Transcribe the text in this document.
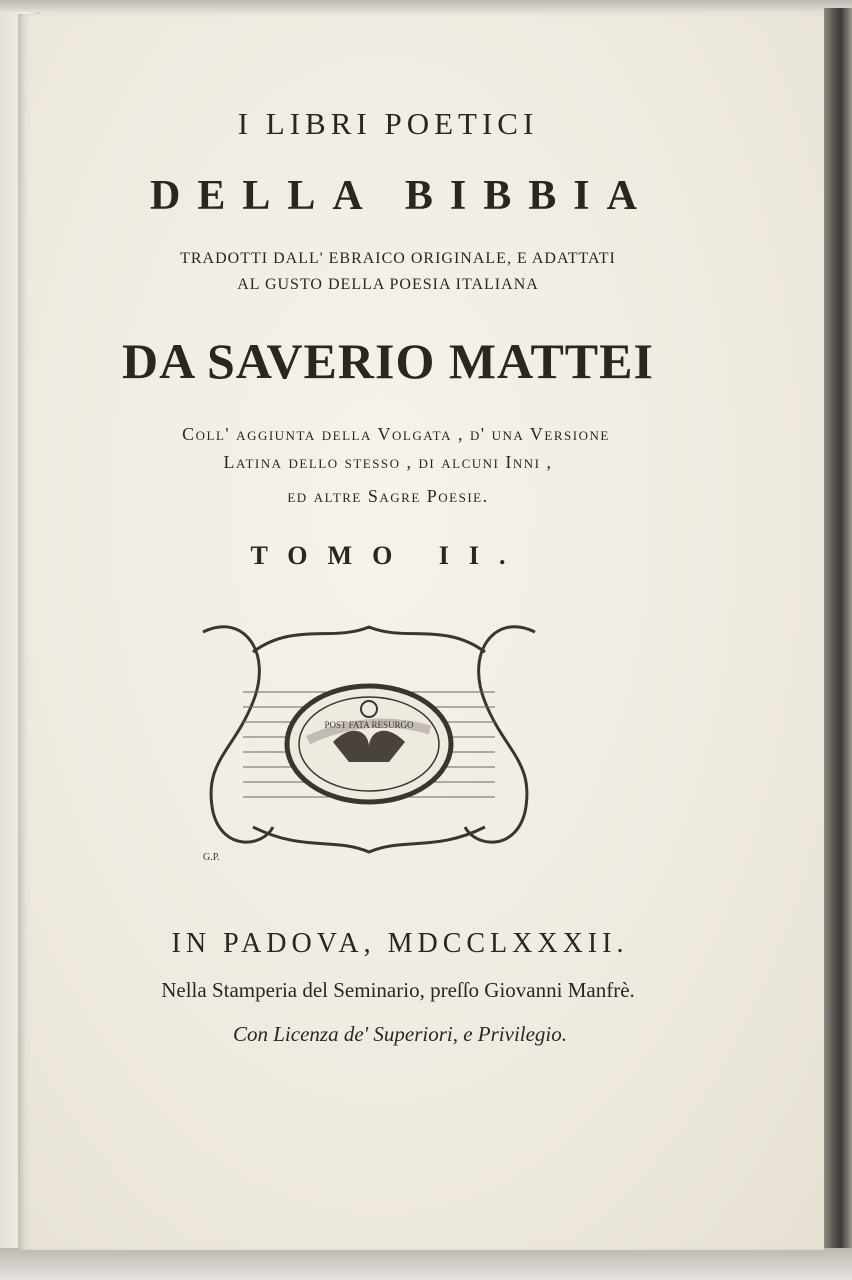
I LIBRI POETICI
DELLA BIBBIA
TRADOTTI DALL' EBRAICO ORIGINALE, E ADATTATI
AL GUSTO DELLA POESIA ITALIANA
DA SAVERIO MATTEI
Coll' aggiunta della Volgata , d' una Versione
Latina dello stesso , di alcuni Inni ,
ed altre Sagre Poesie.
TOMO II.
POST FATA RESURGO
G.P.
IN PADOVA, MDCCLXXXII.
Nella Stamperia del Seminario, preſſo Giovanni Manfrè.
Con Licenza de' Superiori, e Privilegio.
